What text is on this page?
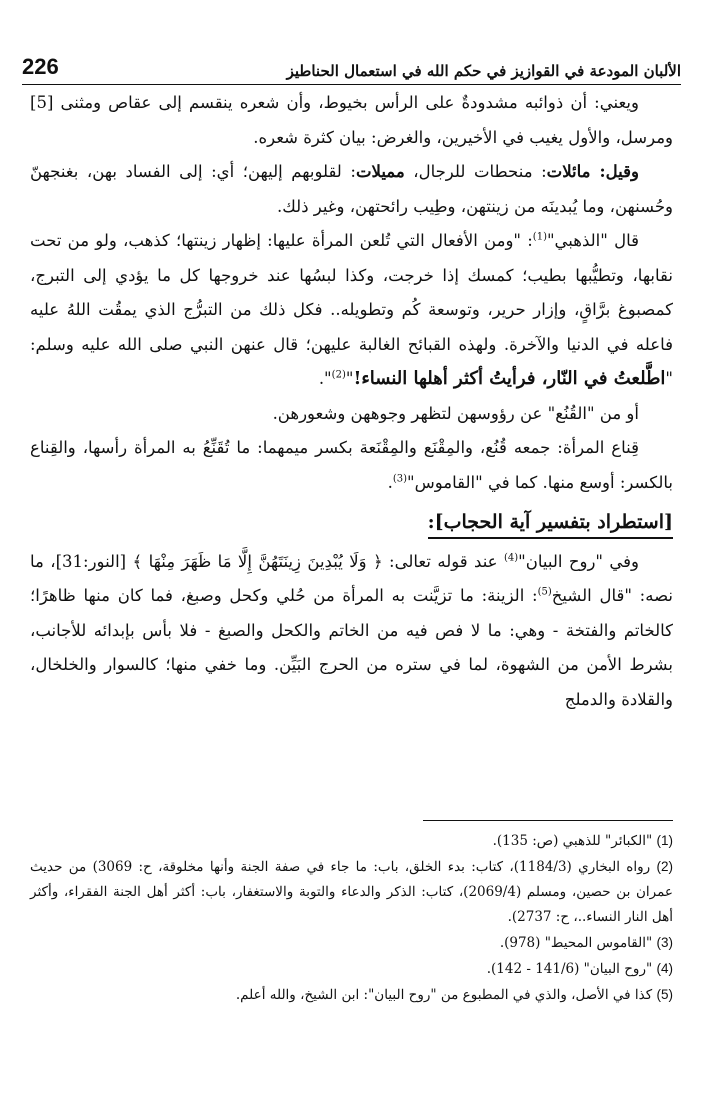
الألبان المودعة في القوازيز في حكم الله في استعمال الحناطيز
226

ويعني: أن ذوائبه مشدودةٌ على الرأس بخيوط، وأن شعره ينقسم إلى عقاص ومثنى [5] ومرسل، والأول يغيب في الأخيرين، والغرض: بيان كثرة شعره.

وقيل: مائلات: منحطات للرجال، مميلات: لقلوبهم إليهن؛ أي: إلى الفساد بهن، بغنجهنّ وحُسنهن، وما يُبدينَه من زينتهن، وطِيب رائحتهن، وغير ذلك.

قال "الذهبي"$^{(1)}$: "ومن الأفعال التي تُلعن المرأة عليها: إظهار زينتها؛ كذهب، ولو من تحت نقابها، وتطيُّبها بطيب؛ كمسك إذا خرجت، وكذا لبسُها عند خروجها كل ما يؤدي إلى التبرج، كمصبوغ برَّاقٍ، وإزار حرير، وتوسعة كُم وتطويله.. فكل ذلك من التبرُّج الذي يمقُت اللهُ عليه فاعله في الدنيا والآخرة. ولهذه القبائح الغالبة عليهن؛ قال عنهن النبي صلى الله عليه وسلم: "اطَّلعتُ في النّار، فرأيتُ أكثر أهلها النساء!"$^{(2)}$".

أو من "القُنُع" عن رؤوسهن لتظهر وجوههن وشعورهن.

قِناع المرأة: جمعه قُنُع، والمِقْنَع والمِقْنَعة بكسر ميمهما: ما تُقَنِّعُ به المرأة رأسها، والقِناع بالكسر: أوسع منها. كما في "القاموس"$^{(3)}$.

[استطراد بتفسير آية الحجاب]:

وفي "روح البيان"$^{(4)}$ عند قوله تعالى: ﴿ وَلَا يُبْدِينَ زِينَتَهُنَّ إِلَّا مَا ظَهَرَ مِنْهَا ﴾ [النور:31]، ما نصه: "قال الشيخ$^{(5)}$: الزينة: ما تزيَّنت به المرأة من حُلي وكحل وصبغ، فما كان منها ظاهرًا؛ كالخاتم والفتخة - وهي: ما لا فص فيه من الخاتم والكحل والصبغ - فلا بأس بإبدائه للأجانب، بشرط الأمن من الشهوة، لما في ستره من الحرج البَيِّن. وما خفي منها؛ كالسوار والخلخال، والقلادة والدملج

(1) "الكبائر" للذهبي (ص: 135).

(2) رواه البخاري (1184/3)، كتاب: بدء الخلق، باب: ما جاء في صفة الجنة وأنها مخلوقة، ح: 3069) من حديث عمران بن حصين، ومسلم (2069/4)، كتاب: الذكر والدعاء والتوبة والاستغفار، باب: أكثر أهل الجنة الفقراء، وأكثر أهل النار النساء..، ح: 2737).

(3) "القاموس المحيط" (978).

(4) "روح البيان" (141/6 - 142).

(5) كذا في الأصل، والذي في المطبوع من "روح البيان": ابن الشيخ، والله أعلم.
